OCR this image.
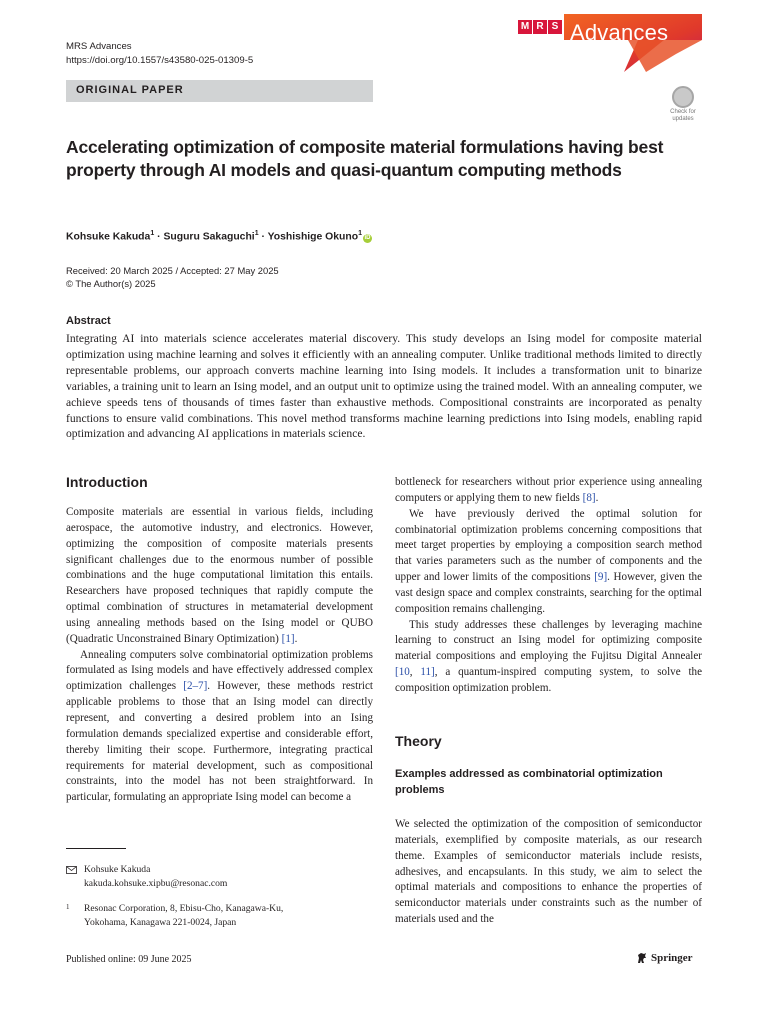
MRS Advances
https://doi.org/10.1557/s43580-025-01309-5
M R S Advances
ORIGINAL PAPER
Check for updates
Accelerating optimization of composite material formulations having best property through AI models and quasi-quantum computing methods
Kohsuke Kakuda$^1$ · Suguru Sakaguchi$^1$ · Yoshishige Okuno$^1$iD
Received: 20 March 2025 / Accepted: 27 May 2025
© The Author(s) 2025
Abstract
Integrating AI into materials science accelerates material discovery. This study develops an Ising model for composite material optimization using machine learning and solves it efficiently with an annealing computer. Unlike traditional methods limited to directly representable problems, our approach converts machine learning into Ising models. It includes a transformation unit to binarize variables, a training unit to learn an Ising model, and an output unit to optimize using the trained model. With an annealing computer, we achieve speeds tens of thousands of times faster than exhaustive methods. Compositional constraints are incorporated as penalty functions to ensure valid combinations. This novel method transforms machine learning predictions into Ising models, enabling rapid optimization and advancing AI applications in materials science.
Introduction

Composite materials are essential in various fields, including aerospace, the automotive industry, and electronics. However, optimizing the composition of composite materials presents significant challenges due to the enormous number of possible combinations and the huge computational limitation this entails. Researchers have proposed techniques that rapidly compute the optimal combination of structures in metamaterial development using annealing methods based on the Ising model or QUBO (Quadratic Unconstrained Binary Optimization) [1].

Annealing computers solve combinatorial optimization problems formulated as Ising models and have effectively addressed complex optimization challenges [2–7]. However, these methods restrict applicable problems to those that an Ising model can directly represent, and converting a desired problem into an Ising formulation demands specialized expertise and considerable effort, thereby limiting their scope. Furthermore, integrating practical requirements for material development, such as compositional constraints, into the model has not been straightforward. In particular, formulating an appropriate Ising model can become a

bottleneck for researchers without prior experience using annealing computers or applying them to new fields [8].

We have previously derived the optimal solution for combinatorial optimization problems concerning compositions that meet target properties by employing a composition search method that varies parameters such as the number of components and the upper and lower limits of the compositions [9]. However, given the vast design space and complex constraints, searching for the optimal composition remains challenging.

This study addresses these challenges by leveraging machine learning to construct an Ising model for optimizing composite material compositions and employing the Fujitsu Digital Annealer [10, 11], a quantum-inspired computing system, to solve the composition optimization problem.

Theory
Examples addressed as combinatorial optimization problems

We selected the optimization of the composition of semiconductor materials, exemplified by composite materials, as our research theme. Examples of semiconductor materials include resists, adhesives, and encapsulants. In this study, we aim to select the optimal materials and compositions to enhance the properties of semiconductor materials under constraints such as the number of materials used and the

Kohsuke Kakuda
kakuda.kohsuke.xipbu@resonac.com
1 Resonac Corporation, 8, Ebisu-Cho, Kanagawa-Ku,
Yokohama, Kanagawa 221-0024, Japan
Published online: 09 June 2025	Springer
